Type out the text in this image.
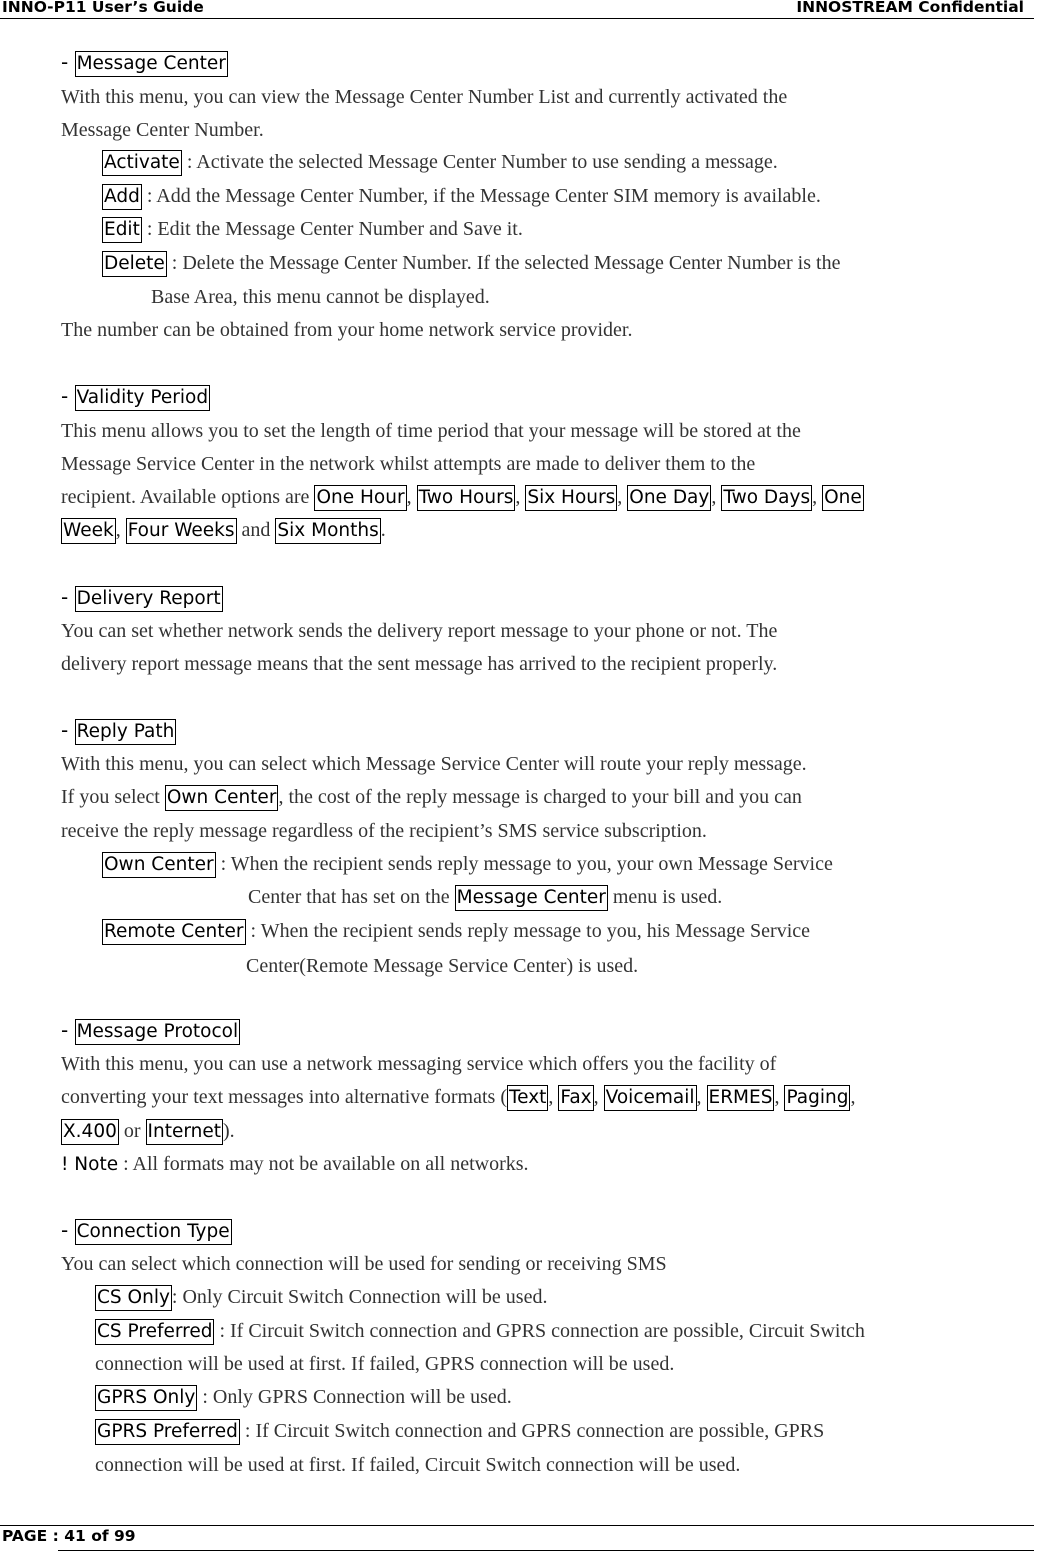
INNO-P11 User’s Guide	INNOSTREAM Confidential
- Message Center
With this menu, you can view the Message Center Number List and currently activated the
Message Center Number.
Activate : Activate the selected Message Center Number to use sending a message.
Add : Add the Message Center Number, if the Message Center SIM memory is available.
Edit : Edit the Message Center Number and Save it.
Delete : Delete the Message Center Number. If the selected Message Center Number is the
Base Area, this menu cannot be displayed.
The number can be obtained from your home network service provider.
- Validity Period
This menu allows you to set the length of time period that your message will be stored at the
Message Service Center in the network whilst attempts are made to deliver them to the
recipient. Available options are One Hour , Two Hours , Six Hours , One Day , Two Days , One
Week , Four Weeks and Six Months .
- Delivery Report
You can set whether network sends the delivery report message to your phone or not. The
delivery report message means that the sent message has arrived to the recipient properly.
- Reply Path
With this menu, you can select which Message Service Center will route your reply message.
If you select Own Center , the cost of the reply message is charged to your bill and you can
receive the reply message regardless of the recipient’s SMS service subscription.
Own Center : When the recipient sends reply message to you, your own Message Service
Center that has set on the Message Center menu is used.
Remote Center : When the recipient sends reply message to you, his Message Service
Center(Remote Message Service Center) is used.
- Message Protocol
With this menu, you can use a network messaging service which offers you the facility of
converting your text messages into alternative formats ( Text , Fax , Voicemail , ERMES , Paging ,
X.400 or Internet ).
! Note : All formats may not be available on all networks.
- Connection Type
You can select which connection will be used for sending or receiving SMS
CS Only: Only Circuit Switch Connection will be used.
CS Preferred : If Circuit Switch connection and GPRS connection are possible, Circuit Switch
connection will be used at first. If failed, GPRS connection will be used.
GPRS Only : Only GPRS Connection will be used.
GPRS Preferred : If Circuit Switch connection and GPRS connection are possible, GPRS
connection will be used at first. If failed, Circuit Switch connection will be used.
PAGE : 41 of 99
